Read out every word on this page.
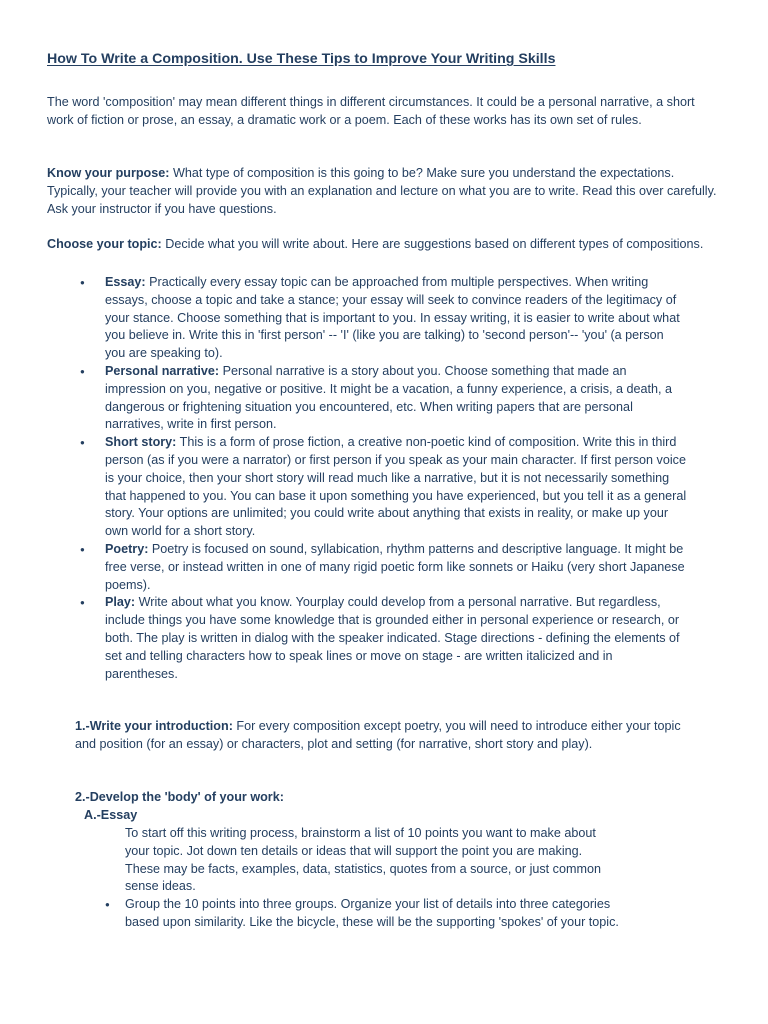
How To Write a Composition. Use These Tips to Improve Your Writing Skills
The word 'composition' may mean different things in different circumstances. It could be a personal narrative, a short work of fiction or prose, an essay, a dramatic work or a poem. Each of these works has its own set of rules.
Know your purpose: What type of composition is this going to be? Make sure you understand the expectations. Typically, your teacher will provide you with an explanation and lecture on what you are to write. Read this over carefully. Ask your instructor if you have questions.
Choose your topic: Decide what you will write about. Here are suggestions based on different types of compositions.
● Essay: Practically every essay topic can be approached from multiple perspectives. When writing essays, choose a topic and take a stance; your essay will seek to convince readers of the legitimacy of your stance. Choose something that is important to you. In essay writing, it is easier to write about what you believe in. Write this in 'first person' -- 'I' (like you are talking) to 'second person'-- 'you' (a person you are speaking to).
● Personal narrative: Personal narrative is a story about you. Choose something that made an impression on you, negative or positive. It might be a vacation, a funny experience, a crisis, a death, a dangerous or frightening situation you encountered, etc. When writing papers that are personal narratives, write in first person.
● Short story: This is a form of prose fiction, a creative non-poetic kind of composition. Write this in third person (as if you were a narrator) or first person if you speak as your main character. If first person voice is your choice, then your short story will read much like a narrative, but it is not necessarily something that happened to you. You can base it upon something you have experienced, but you tell it as a general story. Your options are unlimited; you could write about anything that exists in reality, or make up your own world for a short story.
● Poetry: Poetry is focused on sound, syllabication, rhythm patterns and descriptive language. It might be free verse, or instead written in one of many rigid poetic form like sonnets or Haiku (very short Japanese poems).
● Play: Write about what you know. Yourplay could develop from a personal narrative. But regardless, include things you have some knowledge that is grounded either in personal experience or research, or both. The play is written in dialog with the speaker indicated. Stage directions - defining the elements of set and telling characters how to speak lines or move on stage - are written italicized and in parentheses.
1.-Write your introduction: For every composition except poetry, you will need to introduce either your topic and position (for an essay) or characters, plot and setting (for narrative, short story and play).
2.-Develop the 'body' of your work:
A.-Essay
To start off this writing process, brainstorm a list of 10 points you want to make about your topic. Jot down ten details or ideas that will support the point you are making. These may be facts, examples, data, statistics, quotes from a source, or just common sense ideas.
● Group the 10 points into three groups. Organize your list of details into three categories based upon similarity. Like the bicycle, these will be the supporting 'spokes' of your topic.
